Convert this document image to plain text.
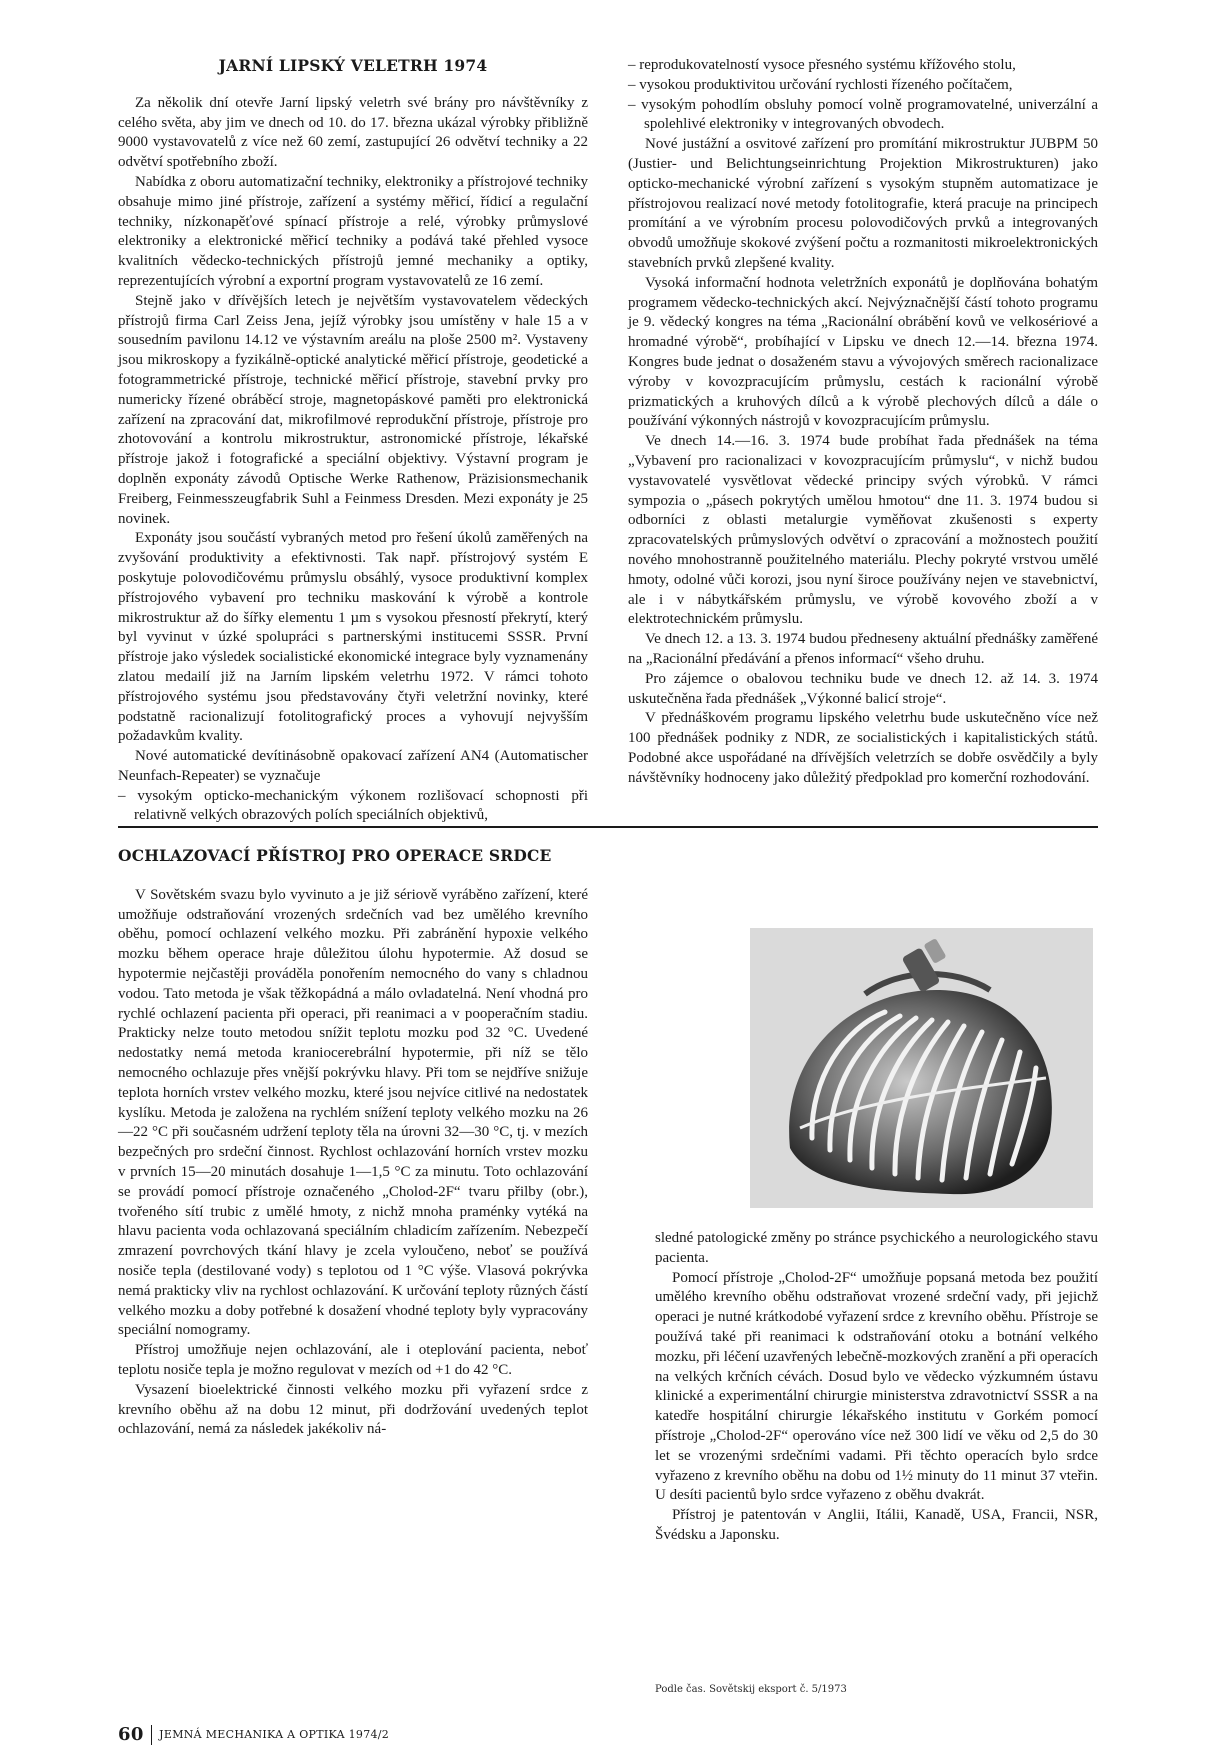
JARNÍ LIPSKÝ VELETRH 1974

Za několik dní otevře Jarní lipský veletrh své brány pro návštěvníky z celého světa, aby jim ve dnech od 10. do 17. března ukázal výrobky přibližně 9000 vystavovatelů z více než 60 zemí, zastupující 26 odvětví techniky a 22 odvětví spotřebního zboží.

Nabídka z oboru automatizační techniky, elektroniky a přístrojové techniky obsahuje mimo jiné přístroje, zařízení a systémy měřicí, řídicí a regulační techniky, nízkonapěťové spínací přístroje a relé, výrobky průmyslové elektroniky a elektronické měřicí techniky a podává také přehled vysoce kvalitních vědecko-technických přístrojů jemné mechaniky a optiky, reprezentujících výrobní a exportní program vystavovatelů ze 16 zemí.

Stejně jako v dřívějších letech je největším vystavovatelem vědeckých přístrojů firma Carl Zeiss Jena, jejíž výrobky jsou umístěny v hale 15 a v sousedním pavilonu 14.12 ve výstavním areálu na ploše 2500 m². Vystaveny jsou mikroskopy a fyzikálně-optické analytické měřicí přístroje, geodetické a fotogrammetrické přístroje, technické měřicí přístroje, stavební prvky pro numericky řízené obráběcí stroje, magnetopáskové paměti pro elektronická zařízení na zpracování dat, mikrofilmové reprodukční přístroje, přístroje pro zhotovování a kontrolu mikrostruktur, astronomické přístroje, lékařské přístroje jakož i fotografické a speciální objektivy. Výstavní program je doplněn exponáty závodů Optische Werke Rathenow, Präzisionsmechanik Freiberg, Feinmesszeugfabrik Suhl a Feinmess Dresden. Mezi exponáty je 25 novinek.

Exponáty jsou součástí vybraných metod pro řešení úkolů zaměřených na zvyšování produktivity a efektivnosti. Tak např. přístrojový systém E poskytuje polovodičovému průmyslu obsáhlý, vysoce produktivní komplex přístrojového vybavení pro techniku maskování k výrobě a kontrole mikrostruktur až do šířky elementu 1 µm s vysokou přesností překrytí, který byl vyvinut v úzké spolupráci s partnerskými institucemi SSSR. První přístroje jako výsledek socialistické ekonomické integrace byly vyznamenány zlatou medailí již na Jarním lipském veletrhu 1972. V rámci tohoto přístrojového systému jsou představovány čtyři veletržní novinky, které podstatně racionalizují fotolitografický proces a vyhovují nejvyšším požadavkům kvality.

Nové automatické devítinásobně opakovací zařízení AN4 (Automatischer Neunfach-Repeater) se vyznačuje

– vysokým opticko-mechanickým výkonem rozlišovací schopnosti při relativně velkých obrazových polích speciálních objektivů,
– reprodukovatelností vysoce přesného systému křížového stolu,
– vysokou produktivitou určování rychlosti řízeného počítačem,
– vysokým pohodlím obsluhy pomocí volně programovatelné, univerzální a spolehlivé elektroniky v integrovaných obvodech.

Nové justážní a osvitové zařízení pro promítání mikrostruktur JUBPM 50 (Justier- und Belichtungseinrichtung Projektion Mikrostrukturen) jako opticko-mechanické výrobní zařízení s vysokým stupněm automatizace je přístrojovou realizací nové metody fotolitografie, která pracuje na principech promítání a ve výrobním procesu polovodičových prvků a integrovaných obvodů umožňuje skokové zvýšení počtu a rozmanitosti mikroelektronických stavebních prvků zlepšené kvality.

Vysoká informační hodnota veletržních exponátů je doplňována bohatým programem vědecko-technických akcí. Nejvýznačnější částí tohoto programu je 9. vědecký kongres na téma „Racionální obrábění kovů ve velkosériové a hromadné výrobě“, probíhající v Lipsku ve dnech 12.—14. března 1974. Kongres bude jednat o dosaženém stavu a vývojových směrech racionalizace výroby v kovozpracujícím průmyslu, cestách k racionální výrobě prizmatických a kruhových dílců a k výrobě plechových dílců a dále o používání výkonných nástrojů v kovozpracujícím průmyslu.

Ve dnech 14.—16. 3. 1974 bude probíhat řada přednášek na téma „Vybavení pro racionalizaci v kovozpracujícím průmyslu“, v nichž budou vystavovatelé vysvětlovat vědecké principy svých výrobků. V rámci sympozia o „pásech pokrytých umělou hmotou“ dne 11. 3. 1974 budou si odborníci z oblasti metalurgie vyměňovat zkušenosti s experty zpracovatelských průmyslových odvětví o zpracování a možnostech použití nového mnohostranně použitelného materiálu. Plechy pokryté vrstvou umělé hmoty, odolné vůči korozi, jsou nyní široce používány nejen ve stavebnictví, ale i v nábytkářském průmyslu, ve výrobě kovového zboží a v elektrotechnickém průmyslu.

Ve dnech 12. a 13. 3. 1974 budou předneseny aktuální přednášky zaměřené na „Racionální předávání a přenos informací“ všeho druhu.

Pro zájemce o obalovou techniku bude ve dnech 12. až 14. 3. 1974 uskutečněna řada přednášek „Výkonné balicí stroje“.

V přednáškovém programu lipského veletrhu bude uskutečněno více než 100 přednášek podniky z NDR, ze socialistických i kapitalistických států. Podobné akce uspořádané na dřívějších veletrzích se dobře osvědčily a byly návštěvníky hodnoceny jako důležitý předpoklad pro komerční rozhodování.

OCHLAZOVACÍ PŘÍSTROJ PRO OPERACE SRDCE

V Sovětském svazu bylo vyvinuto a je již sériově vyráběno zařízení, které umožňuje odstraňování vrozených srdečních vad bez umělého krevního oběhu, pomocí ochlazení velkého mozku. Při zabránění hypoxie velkého mozku během operace hraje důležitou úlohu hypotermie. Až dosud se hypotermie nejčastěji prováděla ponořením nemocného do vany s chladnou vodou. Tato metoda je však těžkopádná a málo ovladatelná. Není vhodná pro rychlé ochlazení pacienta při operaci, při reanimaci a v pooperačním stadiu. Prakticky nelze touto metodou snížit teplotu mozku pod 32 °C. Uvedené nedostatky nemá metoda kraniocerebrální hypotermie, při níž se tělo nemocného ochlazuje přes vnější pokrývku hlavy. Při tom se nejdříve snižuje teplota horních vrstev velkého mozku, které jsou nejvíce citlivé na nedostatek kyslíku. Metoda je založena na rychlém snížení teploty velkého mozku na 26—22 °C při současném udržení teploty těla na úrovni 32—30 °C, tj. v mezích bezpečných pro srdeční činnost. Rychlost ochlazování horních vrstev mozku v prvních 15—20 minutách dosahuje 1—1,5 °C za minutu. Toto ochlazování se provádí pomocí přístroje označeného „Cholod-2F“ tvaru přilby (obr.), tvořeného sítí trubic z umělé hmoty, z nichž mnoha praménky vytéká na hlavu pacienta voda ochlazovaná speciálním chladicím zařízením. Nebezpečí zmrazení povrchových tkání hlavy je zcela vyloučeno, neboť se používá nosiče tepla (destilované vody) s teplotou od 1 °C výše. Vlasová pokrývka nemá prakticky vliv na rychlost ochlazování. K určování teploty různých částí velkého mozku a doby potřebné k dosažení vhodné teploty byly vypracovány speciální nomogramy.

Přístroj umožňuje nejen ochlazování, ale i oteplování pacienta, neboť teplotu nosiče tepla je možno regulovat v mezích od +1 do 42 °C.

Vysazení bioelektrické činnosti velkého mozku při vyřazení srdce z krevního oběhu až na dobu 12 minut, při dodržování uvedených teplot ochlazování, nemá za následek jakékoliv ná-

sledné patologické změny po stránce psychického a neurologického stavu pacienta.

Pomocí přístroje „Cholod-2F“ umožňuje popsaná metoda bez použití umělého krevního oběhu odstraňovat vrozené srdeční vady, při jejichž operaci je nutné krátkodobé vyřazení srdce z krevního oběhu. Přístroje se používá také při reanimaci k odstraňování otoku a botnání velkého mozku, při léčení uzavřených lebečně-mozkových zranění a při operacích na velkých krčních cévách. Dosud bylo ve vědecko výzkumném ústavu klinické a experimentální chirurgie ministerstva zdravotnictví SSSR a na katedře hospitální chirurgie lékařského institutu v Gorkém pomocí přístroje „Cholod-2F“ operováno více než 300 lidí ve věku od 2,5 do 30 let se vrozenými srdečními vadami. Při těchto operacích bylo srdce vyřazeno z krevního oběhu na dobu od 1½ minuty do 11 minut 37 vteřin. U desíti pacientů bylo srdce vyřazeno z oběhu dvakrát.

Přístroj je patentován v Anglii, Itálii, Kanadě, USA, Francii, NSR, Švédsku a Japonsku.

Podle čas. Sovětskij eksport č. 5/1973
60 JEMNÁ MECHANIKA A OPTIKA 1974/2
